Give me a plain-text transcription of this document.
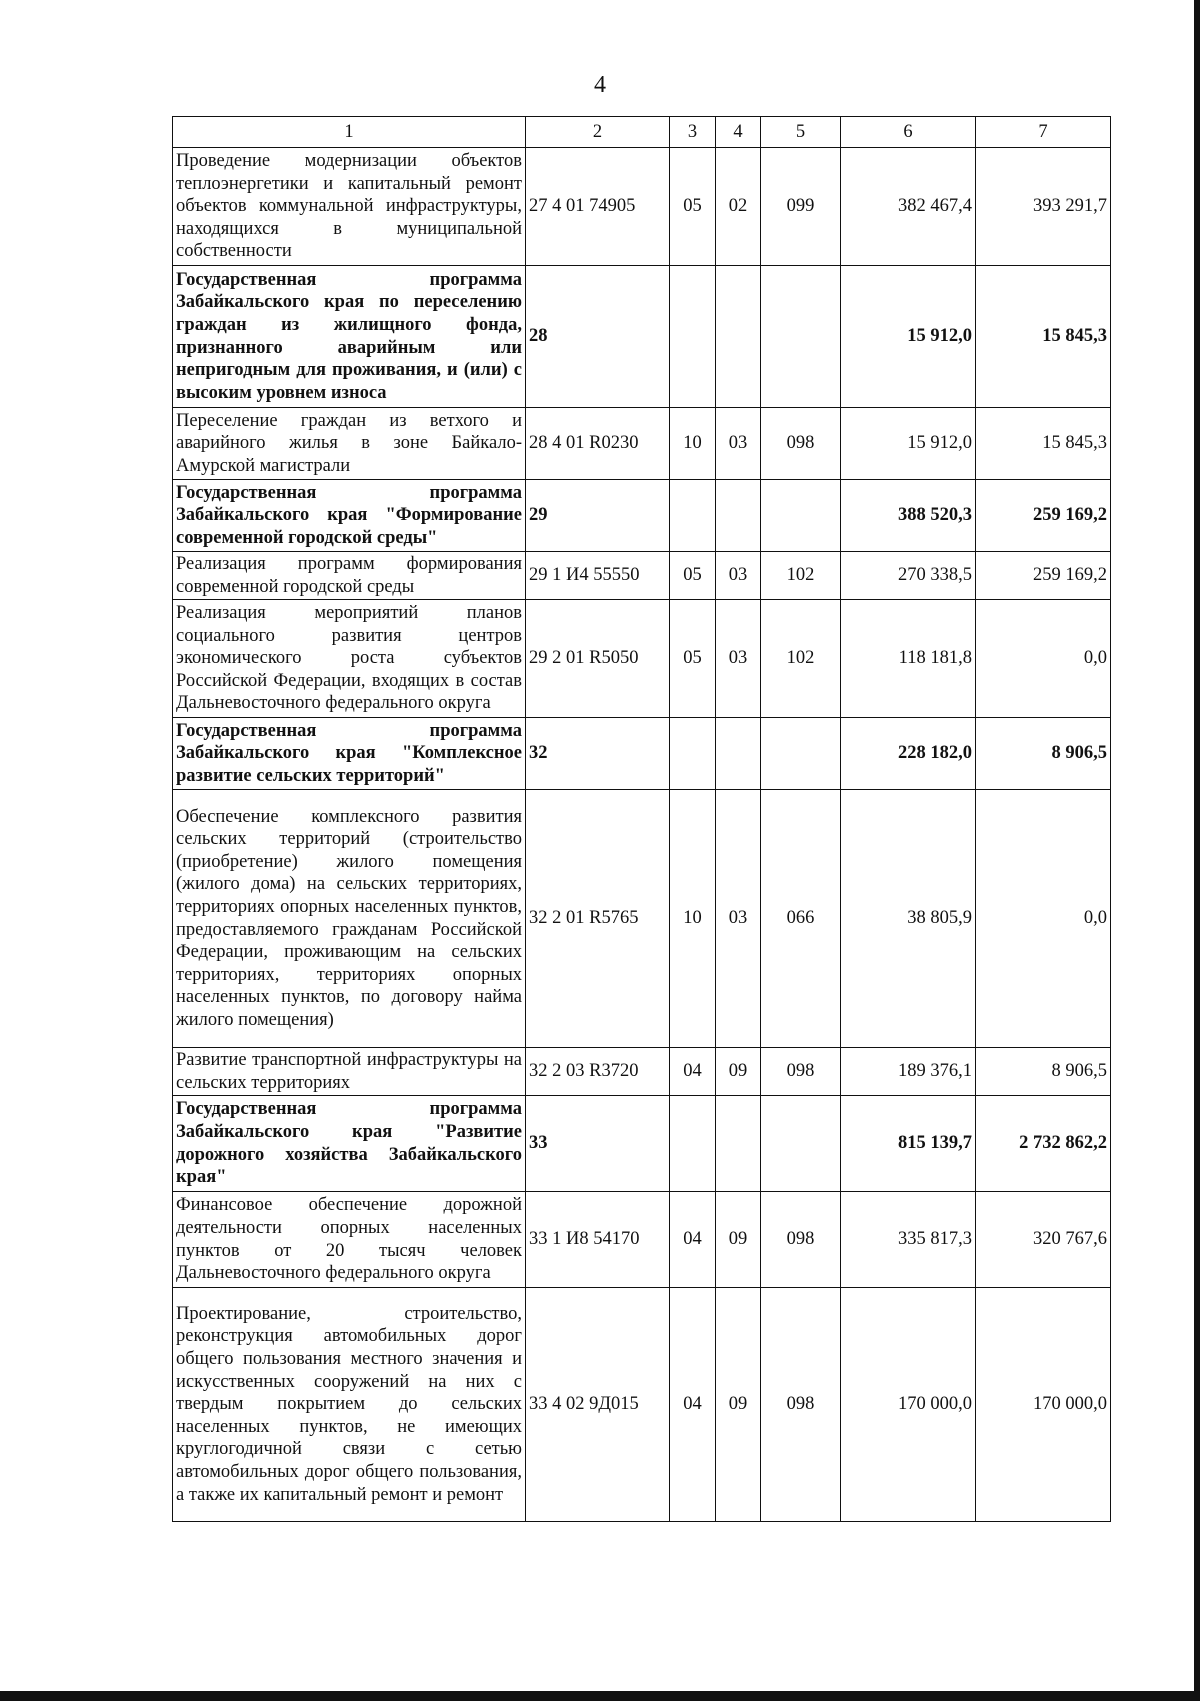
4
1	2	3	4	5	6	7
Проведение модернизации объектов теплоэнергетики и капитальный ремонт объектов коммунальной инфраструктуры, находящихся в муниципальной собственности	27 4 01 74905	05	02	099	382 467,4	393 291,7
Государственная программа Забайкальского края по переселению граждан из жилищного фонда, признанного аварийным или непригодным для проживания, и (или) с высоким уровнем износа	28				15 912,0	15 845,3
Переселение граждан из ветхого и аварийного жилья в зоне Байкало-Амурской магистрали	28 4 01 R0230	10	03	098	15 912,0	15 845,3
Государственная программа Забайкальского края "Формирование современной городской среды"	29				388 520,3	259 169,2
Реализация программ формирования современной городской среды	29 1 И4 55550	05	03	102	270 338,5	259 169,2
Реализация мероприятий планов социального развития центров экономического роста субъектов Российской Федерации, входящих в состав Дальневосточного федерального округа	29 2 01 R5050	05	03	102	118 181,8	0,0
Государственная программа Забайкальского края "Комплексное развитие сельских территорий"	32				228 182,0	8 906,5
Обеспечение комплексного развития сельских территорий (строительство (приобретение) жилого помещения (жилого дома) на сельских территориях, территориях опорных населенных пунктов, предоставляемого гражданам Российской Федерации, проживающим на сельских территориях, территориях опорных населенных пунктов, по договору найма жилого помещения)	32 2 01 R5765	10	03	066	38 805,9	0,0
Развитие транспортной инфраструктуры на сельских территориях	32 2 03 R3720	04	09	098	189 376,1	8 906,5
Государственная программа Забайкальского края "Развитие дорожного хозяйства Забайкальского края"	33				815 139,7	2 732 862,2
Финансовое обеспечение дорожной деятельности опорных населенных пунктов от 20 тысяч человек Дальневосточного федерального округа	33 1 И8 54170	04	09	098	335 817,3	320 767,6
Проектирование, строительство, реконструкция автомобильных дорог общего пользования местного значения и искусственных сооружений на них с твердым покрытием до сельских населенных пунктов, не имеющих круглогодичной связи с сетью автомобильных дорог общего пользования, а также их капитальный ремонт и ремонт	33 4 02 9Д015	04	09	098	170 000,0	170 000,0
